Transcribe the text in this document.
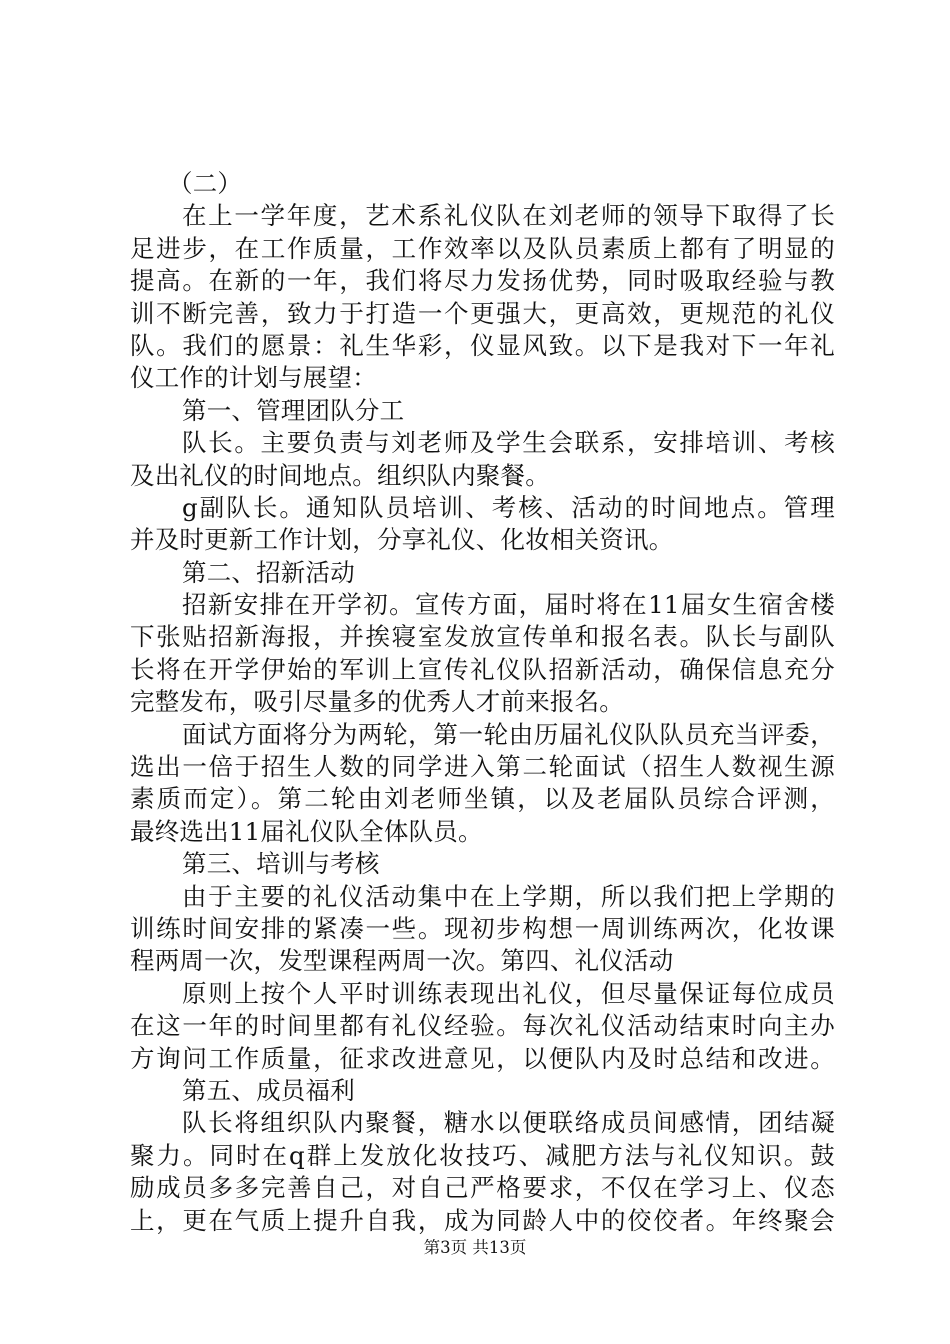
（二）
在上一学年度，艺术系礼仪队在刘老师的领导下取得了长
足进步，在工作质量，工作效率以及队员素质上都有了明显的
提高。在新的一年，我们将尽力发扬优势，同时吸取经验与教
训不断完善，致力于打造一个更强大，更高效，更规范的礼仪
队。我们的愿景：礼生华彩，仪显风致。以下是我对下一年礼
仪工作的计划与展望：
第一、管理团队分工
队长。主要负责与刘老师及学生会联系，安排培训、考核
及出礼仪的时间地点。组织队内聚餐。
g副队长。通知队员培训、考核、活动的时间地点。管理
并及时更新工作计划，分享礼仪、化妆相关资讯。
第二、招新活动
招新安排在开学初。宣传方面，届时将在11届女生宿舍楼
下张贴招新海报，并挨寝室发放宣传单和报名表。队长与副队
长将在开学伊始的军训上宣传礼仪队招新活动，确保信息充分
完整发布，吸引尽量多的优秀人才前来报名。
面试方面将分为两轮，第一轮由历届礼仪队队员充当评委，
选出一倍于招生人数的同学进入第二轮面试（招生人数视生源
素质而定）。第二轮由刘老师坐镇，以及老届队员综合评测，
最终选出11届礼仪队全体队员。
第三、培训与考核
由于主要的礼仪活动集中在上学期，所以我们把上学期的
训练时间安排的紧凑一些。现初步构想一周训练两次，化妆课
程两周一次，发型课程两周一次。第四、礼仪活动
原则上按个人平时训练表现出礼仪，但尽量保证每位成员
在这一年的时间里都有礼仪经验。每次礼仪活动结束时向主办
方询问工作质量，征求改进意见，以便队内及时总结和改进。
第五、成员福利
队长将组织队内聚餐，糖水以便联络成员间感情，团结凝
聚力。同时在q群上发放化妆技巧、减肥方法与礼仪知识。鼓
励成员多多完善自己，对自己严格要求，不仅在学习上、仪态
上，更在气质上提升自我，成为同龄人中的佼佼者。年终聚会
第3页 共13页
